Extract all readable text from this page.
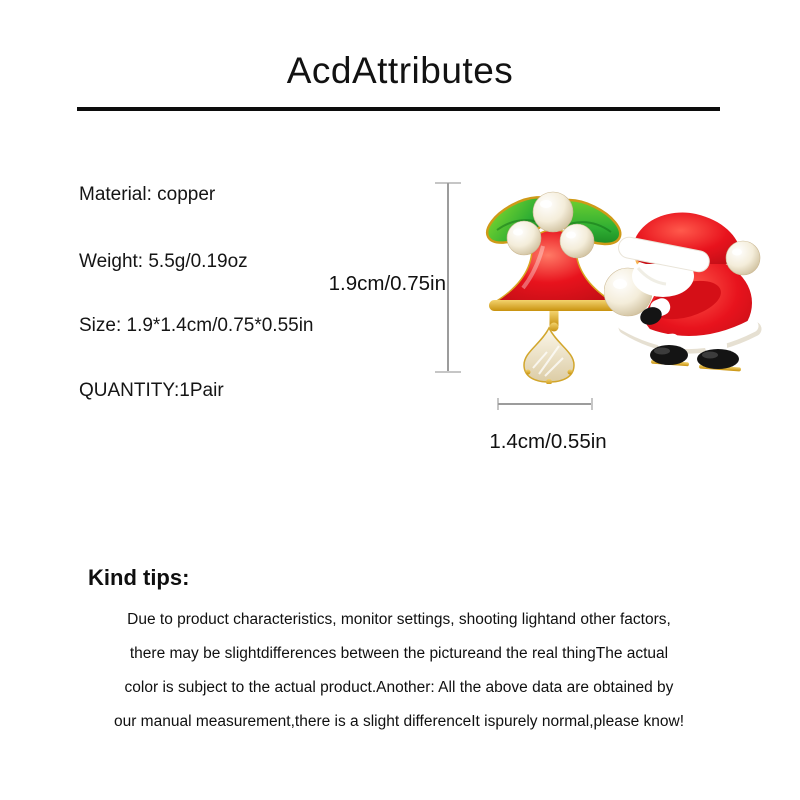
AcdAttributes
Material: copper
Weight: 5.5g/0.19oz
Size: 1.9*1.4cm/0.75*0.55in
QUANTITY:1Pair
1.9cm/0.75in
1.4cm/0.55in
Kind tips:
Due to product characteristics, monitor settings, shooting lightand other factors,
there may be slightdifferences between the pictureand the real thingThe actual
color is subject to the actual product.Another: All the above data are obtained by
our manual measurement,there is a slight differenceIt ispurely normal,please know!
